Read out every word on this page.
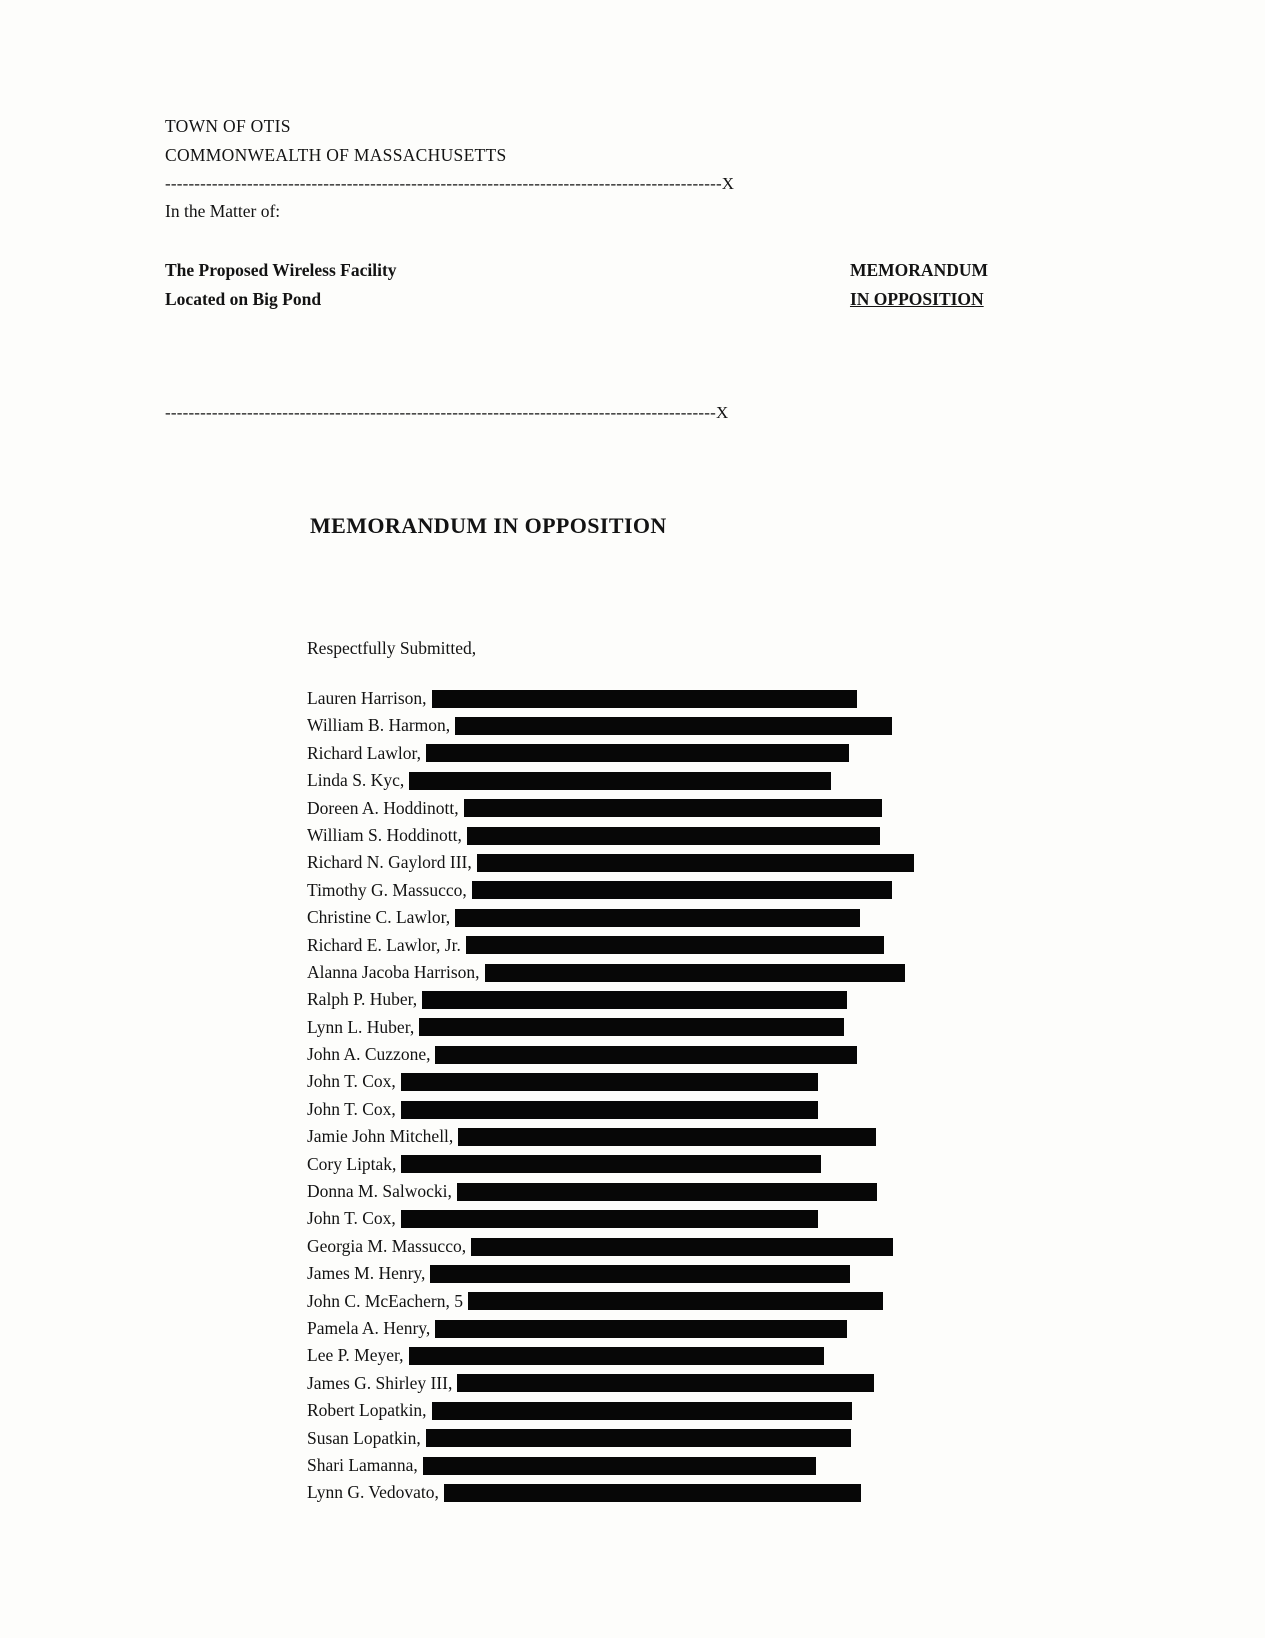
TOWN OF OTIS
COMMONWEALTH OF MASSACHUSETTS
-----------------------------------------------------------------------------------------------X
In the Matter of:
The Proposed Wireless Facility
Located on Big Pond
MEMORANDUM
IN OPPOSITION
----------------------------------------------------------------------------------------------X
MEMORANDUM IN OPPOSITION
Respectfully Submitted,
Lauren Harrison,
William B. Harmon,
Richard Lawlor,
Linda S. Kyc,
Doreen A. Hoddinott,
William S. Hoddinott,
Richard N. Gaylord III,
Timothy G. Massucco,
Christine C. Lawlor,
Richard E. Lawlor, Jr.
Alanna Jacoba Harrison,
Ralph P. Huber,
Lynn L. Huber,
John A. Cuzzone,
John T. Cox,
John T. Cox,
Jamie John Mitchell,
Cory Liptak,
Donna M. Salwocki,
John T. Cox,
Georgia M. Massucco,
James M. Henry,
John C. McEachern, 5
Pamela A. Henry,
Lee P. Meyer,
James G. Shirley III,
Robert Lopatkin,
Susan Lopatkin,
Shari Lamanna,
Lynn G. Vedovato,
